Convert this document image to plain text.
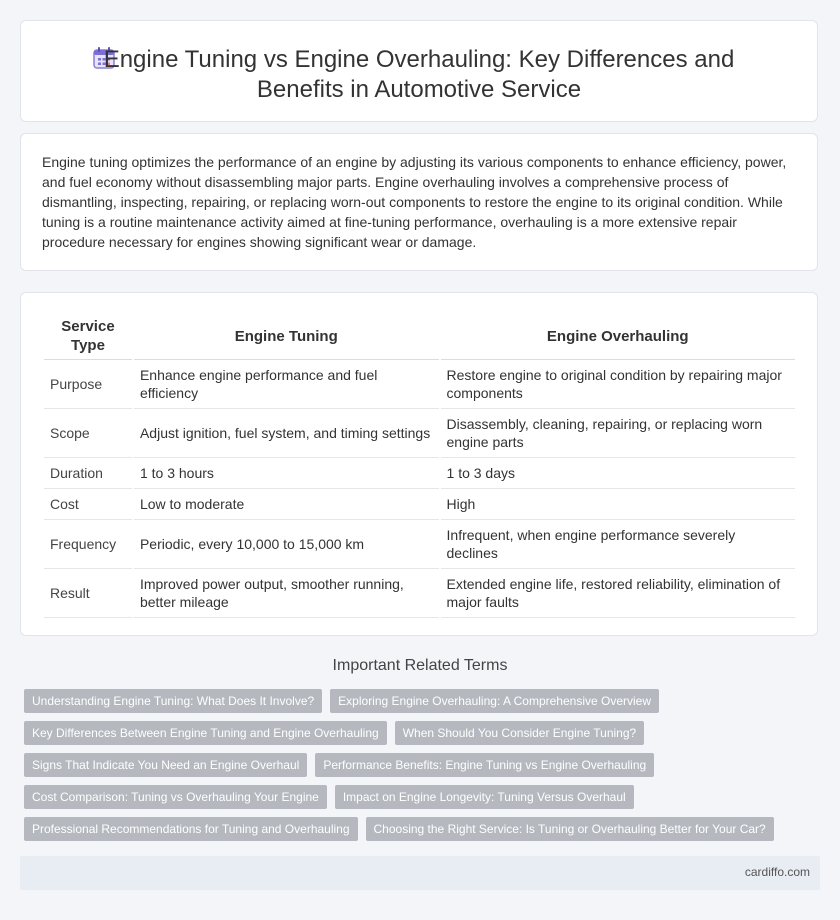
Engine Tuning vs Engine Overhauling: Key Differences and Benefits in Automotive Service

Engine tuning optimizes the performance of an engine by adjusting its various components to enhance efficiency, power, and fuel economy without disassembling major parts. Engine overhauling involves a comprehensive process of dismantling, inspecting, repairing, or replacing worn-out components to restore the engine to its original condition. While tuning is a routine maintenance activity aimed at fine-tuning performance, overhauling is a more extensive repair procedure necessary for engines showing significant wear or damage.

Service Type	Engine Tuning	Engine Overhauling
Purpose	Enhance engine performance and fuel efficiency	Restore engine to original condition by repairing major components
Scope	Adjust ignition, fuel system, and timing settings	Disassembly, cleaning, repairing, or replacing worn engine parts
Duration	1 to 3 hours	1 to 3 days
Cost	Low to moderate	High
Frequency	Periodic, every 10,000 to 15,000 km	Infrequent, when engine performance severely declines
Result	Improved power output, smoother running, better mileage	Extended engine life, restored reliability, elimination of major faults
Important Related Terms
Understanding Engine Tuning: What Does It Involve?	Exploring Engine Overhauling: A Comprehensive Overview
Key Differences Between Engine Tuning and Engine Overhauling	When Should You Consider Engine Tuning?
Signs That Indicate You Need an Engine Overhaul	Performance Benefits: Engine Tuning vs Engine Overhauling
Cost Comparison: Tuning vs Overhauling Your Engine	Impact on Engine Longevity: Tuning Versus Overhaul
Professional Recommendations for Tuning and Overhauling	Choosing the Right Service: Is Tuning or Overhauling Better for Your Car?
cardiffo.com
